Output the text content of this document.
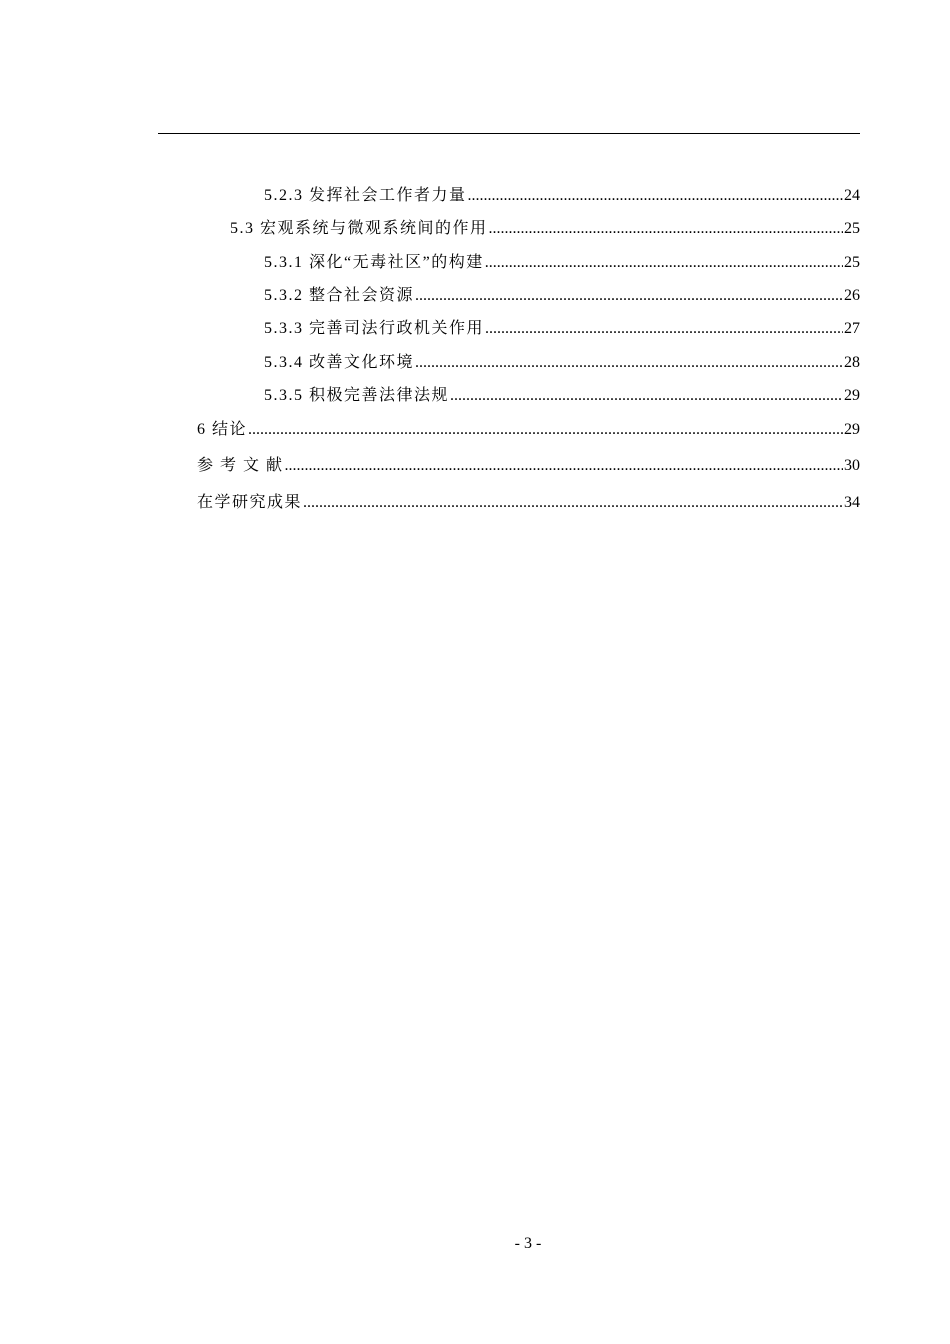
5.2.3 发挥社会工作者力量 .....	24
5.3 宏观系统与微观系统间的作用 .....	25
5.3.1 深化“无毒社区”的构建 .....	25
5.3.2 整合社会资源 .....	26
5.3.3 完善司法行政机关作用 .....	27
5.3.4 改善文化环境 .....	28
5.3.5 积极完善法律法规 .....	29
6 结论 .....	29
参 考 文 献 .....	30
在学研究成果 .....	34
- 3 -
